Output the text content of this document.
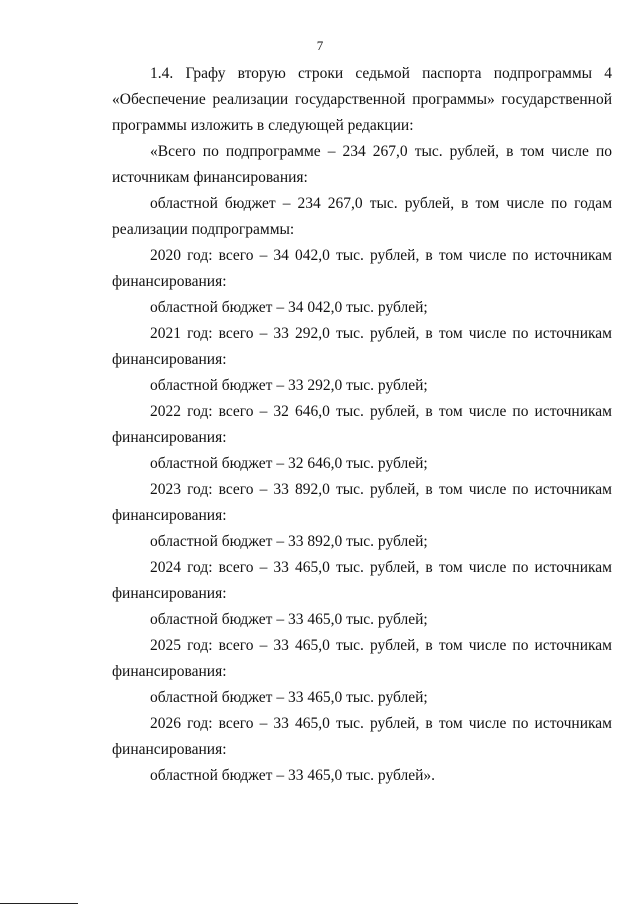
7

1.4. Графу вторую строки седьмой паспорта подпрограммы 4 «Обеспечение реализации государственной программы» государственной программы изложить в следующей редакции:

«Всего по подпрограмме – 234 267,0 тыс. рублей, в том числе по источникам финансирования:

областной бюджет – 234 267,0 тыс. рублей, в том числе по годам реализации подпрограммы:

2020 год: всего – 34 042,0 тыс. рублей, в том числе по источникам финансирования:

областной бюджет – 34 042,0 тыс. рублей;

2021 год: всего – 33 292,0 тыс. рублей, в том числе по источникам финансирования:

областной бюджет – 33 292,0 тыс. рублей;

2022 год: всего – 32 646,0 тыс. рублей, в том числе по источникам финансирования:

областной бюджет – 32 646,0 тыс. рублей;

2023 год: всего – 33 892,0 тыс. рублей, в том числе по источникам финансирования:

областной бюджет – 33 892,0 тыс. рублей;

2024 год: всего – 33 465,0 тыс. рублей, в том числе по источникам финансирования:

областной бюджет – 33 465,0 тыс. рублей;

2025 год: всего – 33 465,0 тыс. рублей, в том числе по источникам финансирования:

областной бюджет – 33 465,0 тыс. рублей;

2026 год: всего – 33 465,0 тыс. рублей, в том числе по источникам финансирования:

областной бюджет – 33 465,0 тыс. рублей».
